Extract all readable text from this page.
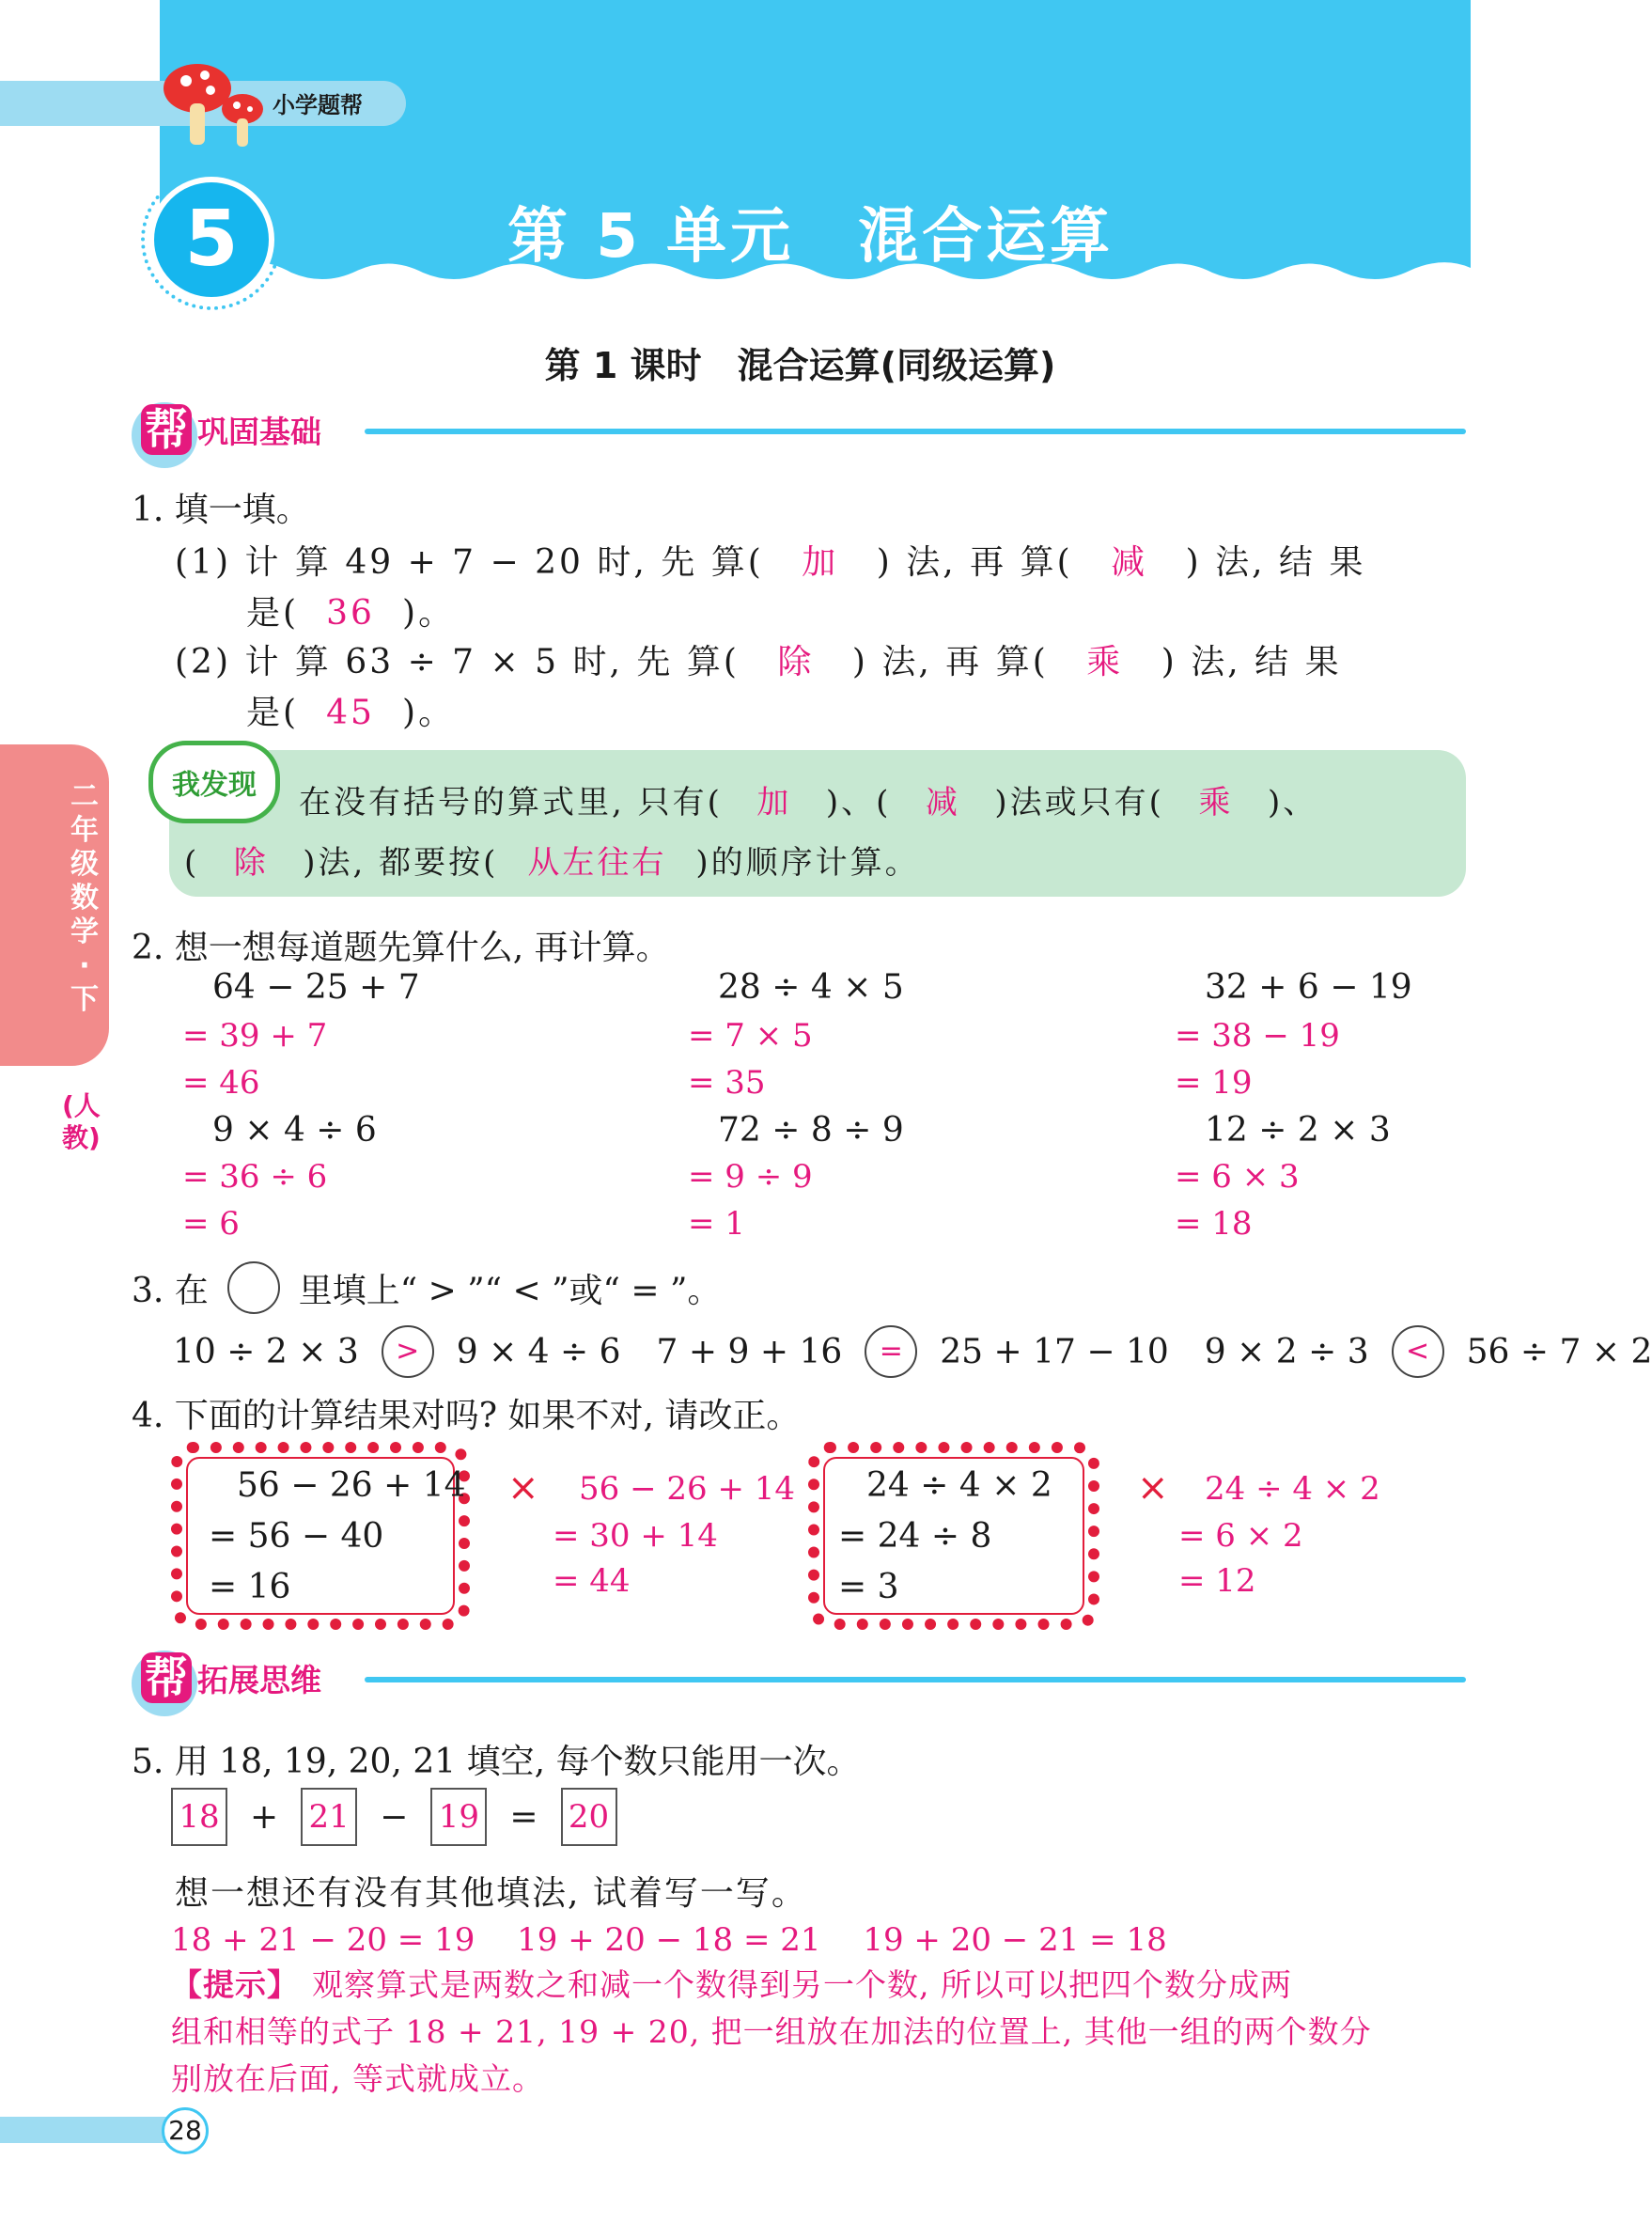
小学题帮
5	第 5 单元　混合运算
第 1 课时　混合运算(同级运算)
帮 巩固基础
二年级数学·下
(人教)
1. 填一填。
(1) 计 算 49 + 7 − 20 时, 先 算( 加 ) 法, 再 算( 减 ) 法, 结 果
是( 36 )。
(2) 计 算 63 ÷ 7 × 5 时, 先 算( 除 ) 法, 再 算( 乘 ) 法, 结 果
是( 45 )。
我发现 在没有括号的算式里, 只有( 加 )、( 减 )法或只有( 乘 )、
( 除 )法, 都要按( 从左往右 )的顺序计算。
2. 想一想每道题先算什么, 再计算。
64 − 25 + 7
= 39 + 7
= 46
28 ÷ 4 × 5
= 7 × 5
= 35
32 + 6 − 19
= 38 − 19
= 19
9 × 4 ÷ 6
= 36 ÷ 6
= 6
72 ÷ 8 ÷ 9
= 9 ÷ 9
= 1
12 ÷ 2 × 3
= 6 × 3
= 18
3. 在	里填上“ > ”“ < ”或“ = ”。
10 ÷ 2 × 3	>	9 × 4 ÷ 6 7 + 9 + 16	=	25 + 17 − 10 9 × 2 ÷ 3	<	56 ÷ 7 × 2
4. 下面的计算结果对吗? 如果不对, 请改正。
56 − 26 + 14
= 56 − 40
= 16
× 56 − 26 + 14
= 30 + 14
= 44
24 ÷ 4 × 2
= 24 ÷ 8
= 3
× 24 ÷ 4 × 2
= 6 × 2
= 12
帮 拓展思维
5. 用 18, 19, 20, 21 填空, 每个数只能用一次。
18 + 21 − 19 = 20
想一想还有没有其他填法, 试着写一写。
18 + 21 − 20 = 19　 19 + 20 − 18 = 21　 19 + 20 − 21 = 18
【提示】 观察算式是两数之和减一个数得到另一个数, 所以可以把四个数分成两
组和相等的式子 18 + 21, 19 + 20, 把一组放在加法的位置上, 其他一组的两个数分
别放在后面, 等式就成立。
28
